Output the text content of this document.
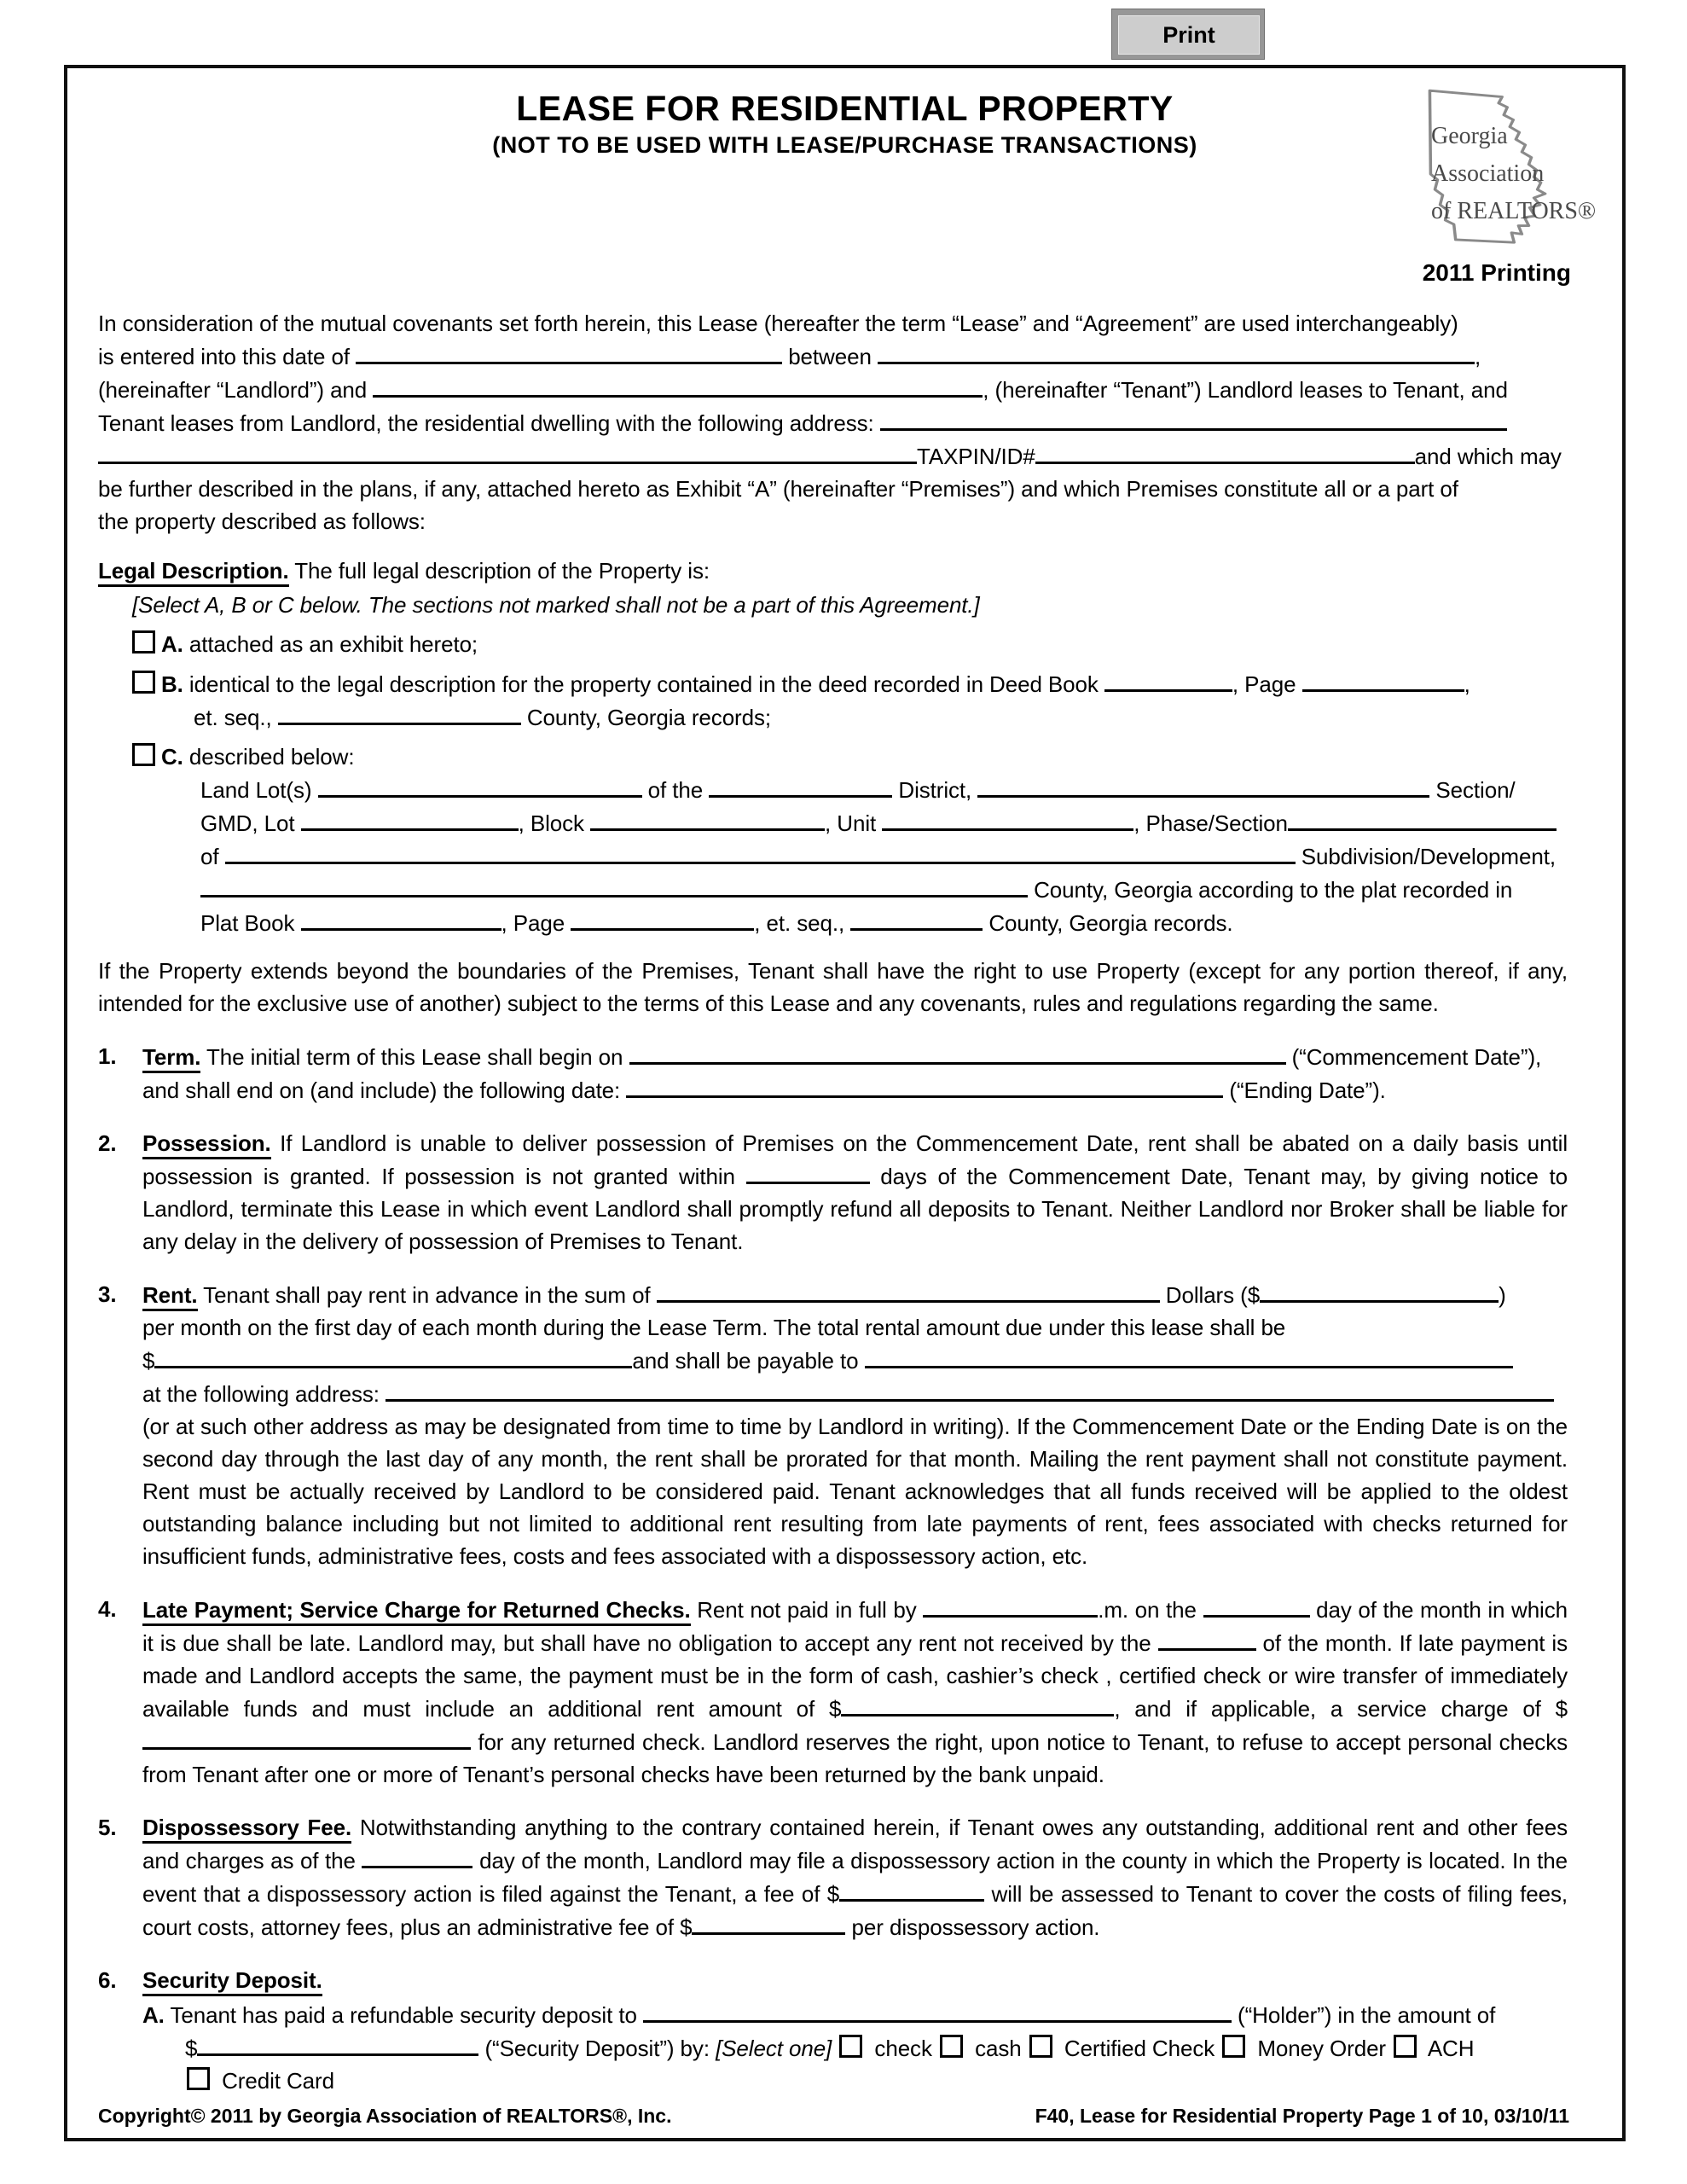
Print
LEASE FOR RESIDENTIAL PROPERTY
(NOT TO BE USED WITH LEASE/PURCHASE TRANSACTIONS)	Georgia
Association
of REALTORS®
2011 Printing
In consideration of the mutual covenants set forth herein, this Lease (hereafter the term “Lease” and “Agreement” are used interchangeably)
is entered into this date of	between	,
(hereinafter “Landlord”) and	, (hereinafter “Tenant”) Landlord leases to Tenant, and
Tenant leases from Landlord, the residential dwelling with the following address:
TAXPIN/ID#	and which may
be further described in the plans, if any, attached hereto as Exhibit “A” (hereinafter “Premises”) and which Premises constitute all or a part of
the property described as follows:
Legal Description. The full legal description of the Property is:
[Select A, B or C below. The sections not marked shall not be a part of this Agreement.]
A. attached as an exhibit hereto;
B. identical to the legal description for the property contained in the deed recorded in Deed Book	, Page	,
et. seq.,	County, Georgia records;
C. described below:
Land Lot(s)	of the	District,	Section/
GMD, Lot	, Block	, Unit	, Phase/Section
of	Subdivision/Development,
County, Georgia according to the plat recorded in
Plat Book	, Page	, et. seq.,	County, Georgia records.
If the Property extends beyond the boundaries of the Premises, Tenant shall have the right to use Property (except for any portion thereof, if any, intended for the exclusive use of another) subject to the terms of this Lease and any covenants, rules and regulations regarding the same.
1. Term. The initial term of this Lease shall begin on	(“Commencement Date”),
and shall end on (and include) the following date:	(“Ending Date”).
2. Possession. If Landlord is unable to deliver possession of Premises on the Commencement Date, rent shall be abated on a daily basis until possession is granted. If possession is not granted within	days of the Commencement Date, Tenant may, by giving notice to Landlord, terminate this Lease in which event Landlord shall promptly refund all deposits to Tenant. Neither Landlord nor Broker shall be liable for any delay in the delivery of possession of Premises to Tenant.
3. Rent. Tenant shall pay rent in advance in the sum of	Dollars ($	)
per month on the first day of each month during the Lease Term. The total rental amount due under this lease shall be
$	and shall be payable to
at the following address:
(or at such other address as may be designated from time to time by Landlord in writing). If the Commencement Date or the Ending Date is on the second day through the last day of any month, the rent shall be prorated for that month. Mailing the rent payment shall not constitute payment. Rent must be actually received by Landlord to be considered paid. Tenant acknowledges that all funds received will be applied to the oldest outstanding balance including but not limited to additional rent resulting from late payments of rent, fees associated with checks returned for insufficient funds, administrative fees, costs and fees associated with a dispossessory action, etc.
4. Late Payment; Service Charge for Returned Checks. Rent not paid in full by	.m. on the	day of the month in which it is due shall be late. Landlord may, but shall have no obligation to accept any rent not received by the	of the month. If late payment is made and Landlord accepts the same, the payment must be in the form of cash, cashier’s check , certified check or wire transfer of immediately available funds and must include an additional rent amount of $	, and if applicable, a service charge of $ for any returned check. Landlord reserves the right, upon notice to Tenant, to refuse to accept personal checks from Tenant after one or more of Tenant’s personal checks have been returned by the bank unpaid.
5. Dispossessory Fee. Notwithstanding anything to the contrary contained herein, if Tenant owes any outstanding, additional rent and other fees and charges as of the	day of the month, Landlord may file a dispossessory action in the county in which the Property is located. In the event that a dispossessory action is filed against the Tenant, a fee of $	will be assessed to Tenant to cover the costs of filing fees, court costs, attorney fees, plus an administrative fee of $	per dispossessory action.
6. Security Deposit.
A. Tenant has paid a refundable security deposit to	(“Holder”) in the amount of
$	(“Security Deposit”) by: [Select one]  check  cash  Certified Check  Money Order  ACH
Credit Card
Copyright© 2011 by Georgia Association of REALTORS®, Inc.	F40, Lease for Residential Property Page 1 of 10, 03/10/11
